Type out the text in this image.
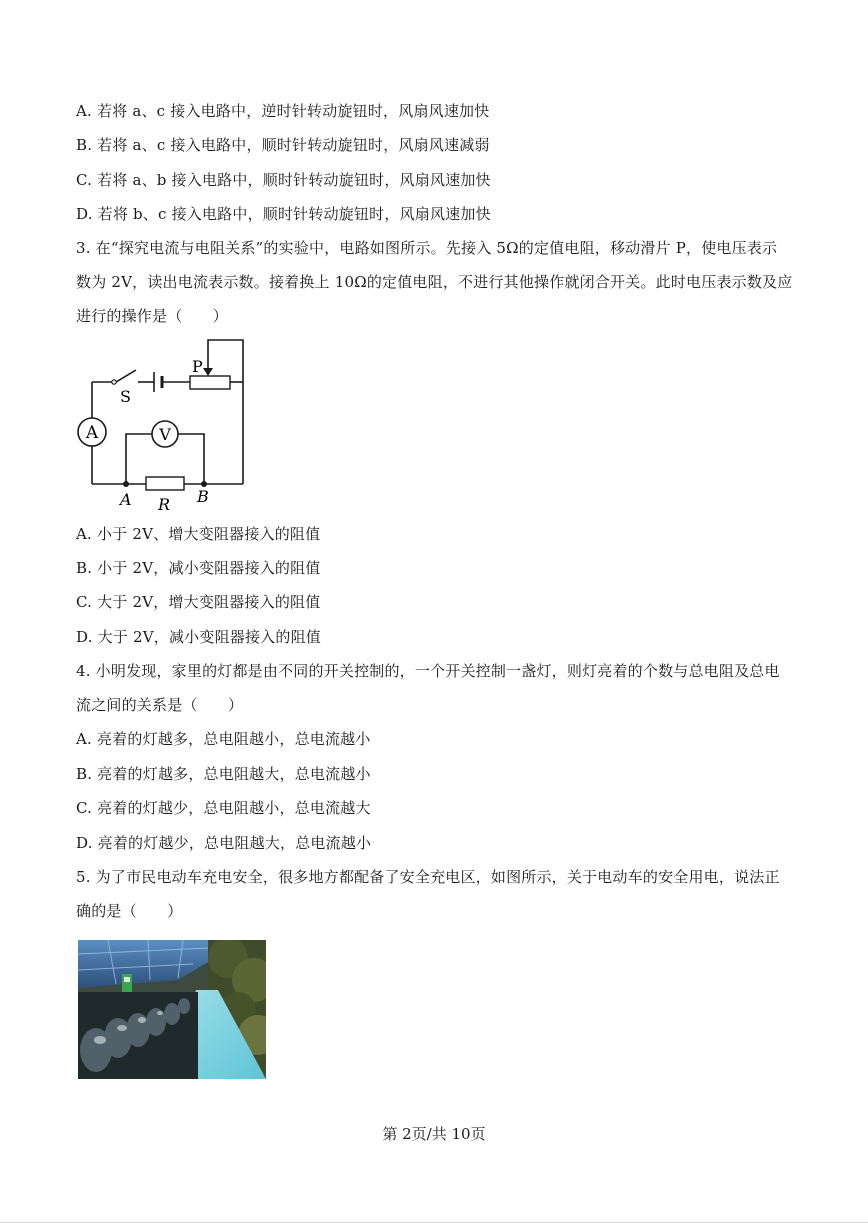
A. 若将 a、c 接入电路中，逆时针转动旋钮时，风扇风速加快
B. 若将 a、c 接入电路中，顺时针转动旋钮时，风扇风速减弱
C. 若将 a、b 接入电路中，顺时针转动旋钮时，风扇风速加快
D. 若将 b、c 接入电路中，顺时针转动旋钮时，风扇风速加快
3. 在“探究电流与电阻关系”的实验中，电路如图所示。先接入 5Ω的定值电阻，移动滑片 P，使电压表示
数为 2V，读出电流表示数。接着换上 10Ω的定值电阻，不进行其他操作就闭合开关。此时电压表示数及应
进行的操作是（　　）
A	V
P
S
A	B
R
A. 小于 2V、增大变阻器接入的阻值
B. 小于 2V，减小变阻器接入的阻值
C. 大于 2V，增大变阻器接入的阻值
D. 大于 2V，减小变阻器接入的阻值
4. 小明发现，家里的灯都是由不同的开关控制的，一个开关控制一盏灯，则灯亮着的个数与总电阻及总电
流之间的关系是（　　）
A. 亮着的灯越多，总电阻越小，总电流越小
B. 亮着的灯越多，总电阻越大，总电流越小
C. 亮着的灯越少，总电阻越小，总电流越大
D. 亮着的灯越少，总电阻越大，总电流越小
5. 为了市民电动车充电安全，很多地方都配备了安全充电区，如图所示，关于电动车的安全用电，说法正
确的是（　　）
第 2页/共 10页
